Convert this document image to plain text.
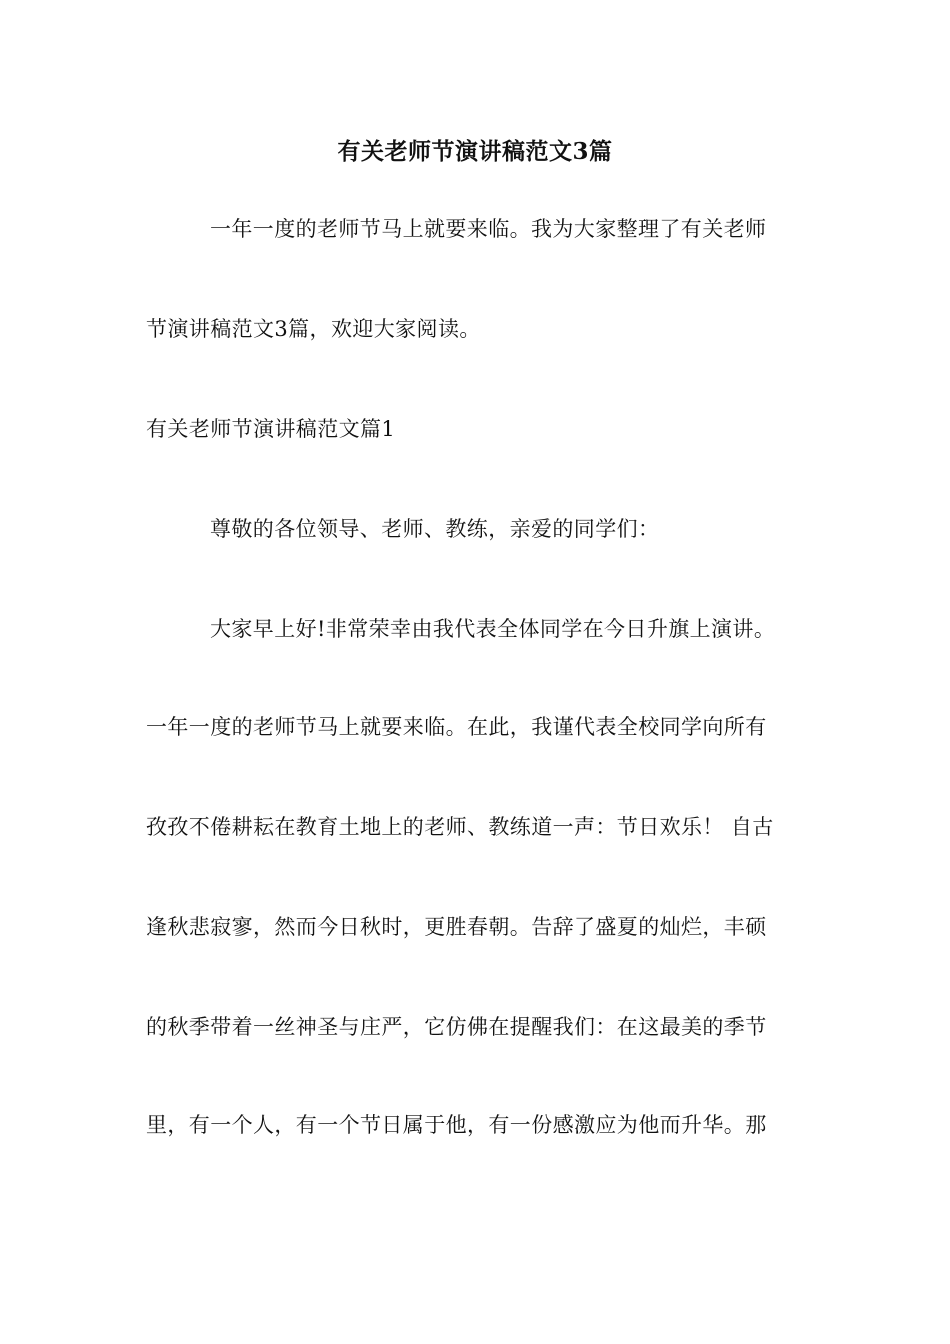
有关老师节演讲稿范文3篇
一年一度的老师节马上就要来临。我为大家整理了有关老师
节演讲稿范文3篇，欢迎大家阅读。
有关老师节演讲稿范文篇1
尊敬的各位领导、老师、教练，亲爱的同学们：
大家早上好!非常荣幸由我代表全体同学在今日升旗上演讲。
一年一度的老师节马上就要来临。在此，我谨代表全校同学向所有
孜孜不倦耕耘在教育土地上的老师、教练道一声：节日欢乐！ 自古
逢秋悲寂寥，然而今日秋时，更胜春朝。告辞了盛夏的灿烂，丰硕
的秋季带着一丝神圣与庄严，它仿佛在提醒我们：在这最美的季节
里，有一个人，有一个节日属于他，有一份感激应为他而升华。那
